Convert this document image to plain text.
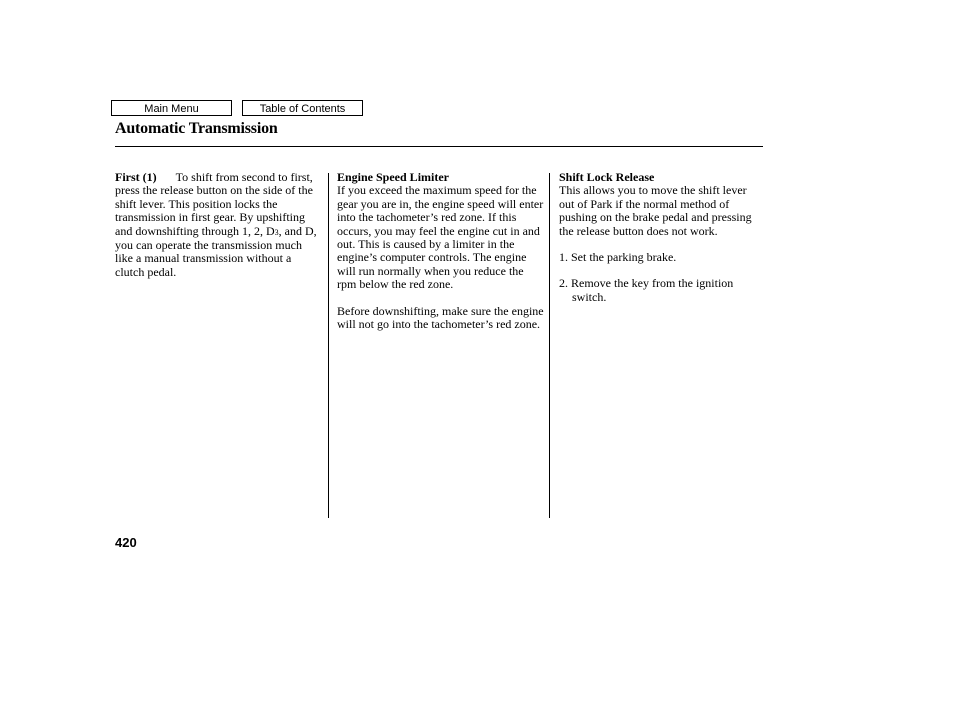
Main Menu	Table of Contents
Automatic Transmission

First (1) To shift from second to first, press the release button on the side of the shift lever. This position locks the transmission in first gear. By upshifting and downshifting through 1, 2, D3, and D, you can operate the transmission much like a manual transmission without a clutch pedal.

Engine Speed Limiter

If you exceed the maximum speed for the gear you are in, the engine speed will enter into the tachometer’s red zone. If this occurs, you may feel the engine cut in and out. This is caused by a limiter in the engine’s computer controls. The engine will run normally when you reduce the rpm below the red zone.

Before downshifting, make sure the engine will not go into the tachometer’s red zone.

Shift Lock Release

This allows you to move the shift lever out of Park if the normal method of pushing on the brake pedal and pressing the release button does not work.

1. Set the parking brake.

2. Remove the key from the ignition switch.

420
